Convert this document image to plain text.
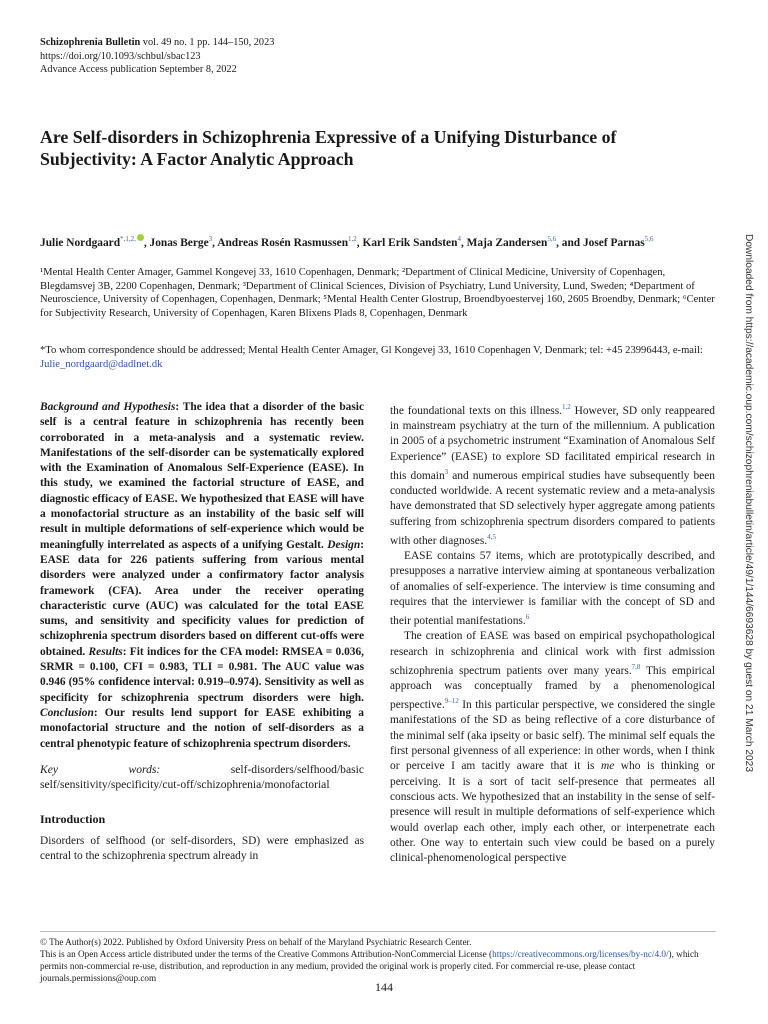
Schizophrenia Bulletin vol. 49 no. 1 pp. 144–150, 2023
https://doi.org/10.1093/schbul/sbac123
Advance Access publication September 8, 2022
Are Self-disorders in Schizophrenia Expressive of a Unifying Disturbance of Subjectivity: A Factor Analytic Approach
Julie Nordgaard$^{*,1,2,}$ , Jonas Berge$^3$, Andreas Rosén Rasmussen$^{1,2}$, Karl Erik Sandsten$^4$, Maja Zandersen$^{5,6}$, and Josef Parnas$^{5,6}$
¹Mental Health Center Amager, Gammel Kongevej 33, 1610 Copenhagen, Denmark; ²Department of Clinical Medicine, University of Copenhagen, Blegdamsvej 3B, 2200 Copenhagen, Denmark; ³Department of Clinical Sciences, Division of Psychiatry, Lund University, Lund, Sweden; ⁴Department of Neuroscience, University of Copenhagen, Copenhagen, Denmark; ⁵Mental Health Center Glostrup, Broendbyoestervej 160, 2605 Broendby, Denmark; ⁶Center for Subjectivity Research, University of Copenhagen, Karen Blixens Plads 8, Copenhagen, Denmark
*To whom correspondence should be addressed; Mental Health Center Amager, Gl Kongevej 33, 1610 Copenhagen V, Denmark; tel: +45 23996443, e-mail: Julie_nordgaard@dadlnet.dk

Background and Hypothesis: The idea that a disorder of the basic self is a central feature in schizophrenia has recently been corroborated in a meta-analysis and a systematic review. Manifestations of the self-disorder can be systematically explored with the Examination of Anomalous Self-Experience (EASE). In this study, we examined the factorial structure of EASE, and diagnostic efficacy of EASE. We hypothesized that EASE will have a monofactorial structure as an instability of the basic self will result in multiple deformations of self-experience which would be meaningfully interrelated as aspects of a unifying Gestalt. Design: EASE data for 226 patients suffering from various mental disorders were analyzed under a confirmatory factor analysis framework (CFA). Area under the receiver operating characteristic curve (AUC) was calculated for the total EASE sums, and sensitivity and specificity values for prediction of schizophrenia spectrum disorders based on different cut-offs were obtained. Results: Fit indices for the CFA model: RMSEA = 0.036, SRMR = 0.100, CFI = 0.983, TLI = 0.981. The AUC value was 0.946 (95% confidence interval: 0.919–0.974). Sensitivity as well as specificity for schizophrenia spectrum disorders were high. Conclusion: Our results lend support for EASE exhibiting a monofactorial structure and the notion of self-disorders as a central phenotypic feature of schizophrenia spectrum disorders.

Key words: self-disorders/selfhood/basic self/sensitivity/specificity/cut-off/schizophrenia/monofactorial

Introduction

Disorders of selfhood (or self-disorders, SD) were emphasized as central to the schizophrenia spectrum already in

the foundational texts on this illness.$^{1,2}$ However, SD only reappeared in mainstream psychiatry at the turn of the millennium. A publication in 2005 of a psychometric instrument “Examination of Anomalous Self Experience” (EASE) to explore SD facilitated empirical research in this domain$^3$ and numerous empirical studies have subsequently been conducted worldwide. A recent systematic review and a meta-analysis have demonstrated that SD selectively hyper aggregate among patients suffering from schizophrenia spectrum disorders compared to patients with other diagnoses.$^{4,5}$

EASE contains 57 items, which are prototypically described, and presupposes a narrative interview aiming at spontaneous verbalization of anomalies of self-experience. The interview is time consuming and requires that the interviewer is familiar with the concept of SD and their potential manifestations.$^6$

The creation of EASE was based on empirical psychopathological research in schizophrenia and clinical work with first admission schizophrenia spectrum patients over many years.$^{7,8}$ This empirical approach was conceptually framed by a phenomenological perspective.$^{9-12}$ In this particular perspective, we considered the single manifestations of the SD as being reflective of a core disturbance of the minimal self (aka ipseity or basic self). The minimal self equals the first personal givenness of all experience: in other words, when I think or perceive I am tacitly aware that it is me who is thinking or perceiving. It is a sort of tacit self-presence that permeates all conscious acts. We hypothesized that an instability in the sense of self-presence will result in multiple deformations of self-experience which would overlap each other, imply each other, or interpenetrate each other. One way to entertain such view could be based on a purely clinical-phenomenological perspective

© The Author(s) 2022. Published by Oxford University Press on behalf of the Maryland Psychiatric Research Center.
This is an Open Access article distributed under the terms of the Creative Commons Attribution-NonCommercial License (https://creativecommons.org/licenses/by-nc/4.0/), which permits non-commercial re-use, distribution, and reproduction in any medium, provided the original work is properly cited. For commercial re-use, please contact journals.permissions@oup.com
144
Downloaded from https://academic.oup.com/schizophreniabulletin/article/49/1/144/6693628 by guest on 21 March 2023
